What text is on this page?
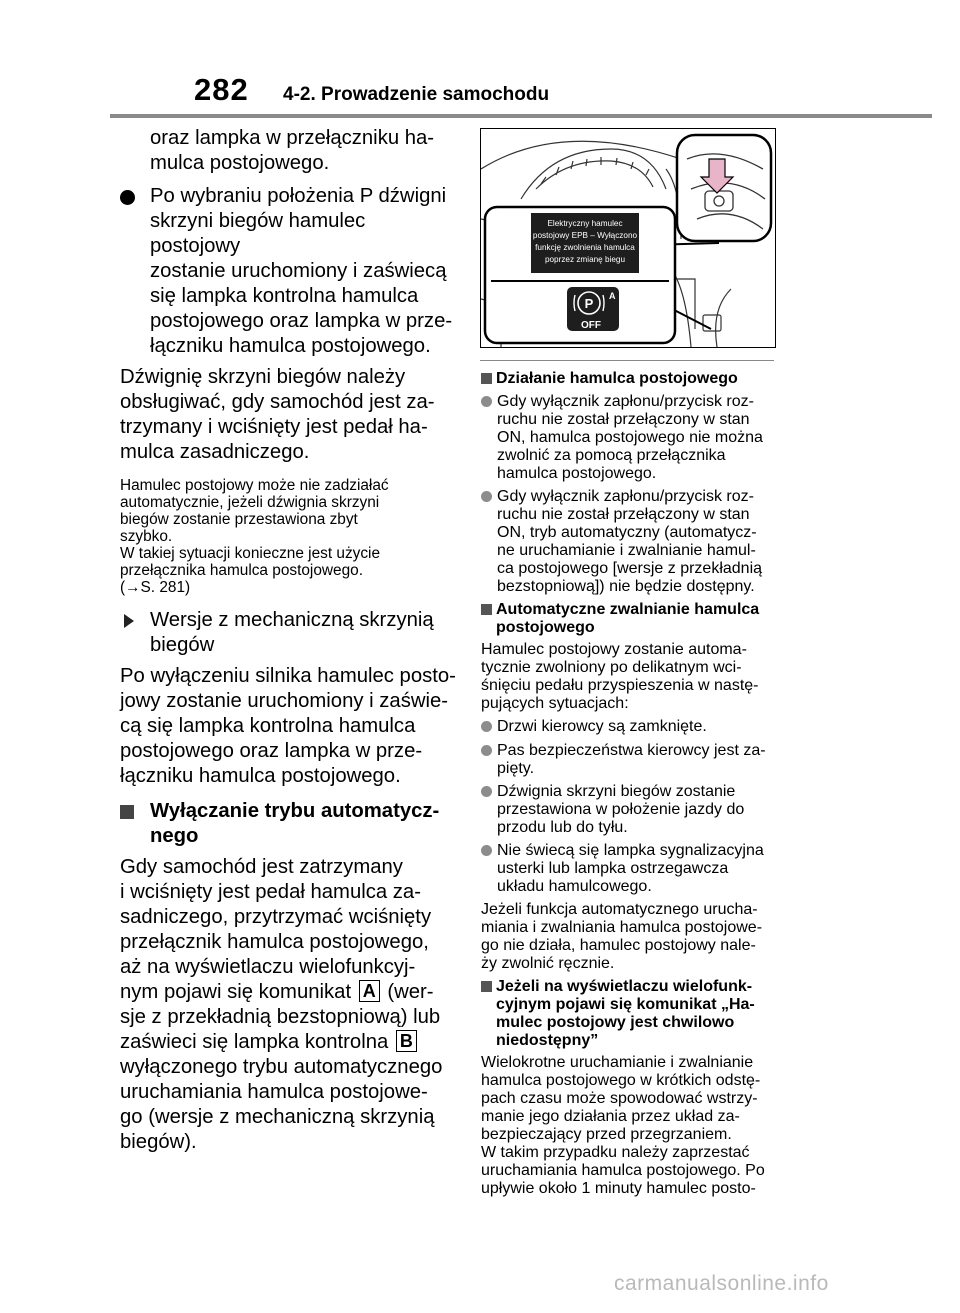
282 4-2. Prowadzenie samochodu
oraz lampka w przełączniku ha-
mulca postojowego.
Po wybraniu położenia P dźwigni
skrzyni biegów hamulec postojowy
zostanie uruchomiony i zaświecą
się lampka kontrolna hamulca
postojowego oraz lampka w prze-
łączniku hamulca postojowego.
Dźwignię skrzyni biegów należy
obsługiwać, gdy samochód jest za-
trzymany i wciśnięty jest pedał ha-
mulca zasadniczego.
Hamulec postojowy może nie zadziałać
automatycznie, jeżeli dźwignia skrzyni
biegów zostanie przestawiona zbyt
szybko.
W takiej sytuacji konieczne jest użycie
przełącznika hamulca postojowego.
(→S. 281)
Wersje z mechaniczną skrzynią
biegów
Po wyłączeniu silnika hamulec posto-
jowy zostanie uruchomiony i zaświe-
cą się lampka kontrolna hamulca
postojowego oraz lampka w prze-
łączniku hamulca postojowego.
Wyłączanie trybu automatycz-
nego
Gdy samochód jest zatrzymany
i wciśnięty jest pedał hamulca za-
sadniczego, przytrzymać wciśnięty
przełącznik hamulca postojowego,
aż na wyświetlaczu wielofunkcyj-
nym pojawi się komunikat A (wer-
sje z przekładnią bezstopniową) lub
zaświeci się lampka kontrolna B
wyłączonego trybu automatycznego
uruchamiania hamulca postojowe-
go (wersje z mechaniczną skrzynią
biegów).
Elektryczny hamulec
postojowy EPB – Wyłączono
funkcję zwolnienia hamulca
poprzez zmianę biegu
P A
OFF
Działanie hamulca postojowego
Gdy wyłącznik zapłonu/przycisk roz-
ruchu nie został przełączony w stan
ON, hamulca postojowego nie można
zwolnić za pomocą przełącznika
hamulca postojowego.
Gdy wyłącznik zapłonu/przycisk roz-
ruchu nie został przełączony w stan
ON, tryb automatyczny (automatycz-
ne uruchamianie i zwalnianie hamul-
ca postojowego [wersje z przekładnią
bezstopniową]) nie będzie dostępny.
Automatyczne zwalnianie hamulca
postojowego
Hamulec postojowy zostanie automa-
tycznie zwolniony po delikatnym wci-
śnięciu pedału przyspieszenia w nastę-
pujących sytuacjach:
Drzwi kierowcy są zamknięte.
Pas bezpieczeństwa kierowcy jest za-
pięty.
Dźwignia skrzyni biegów zostanie
przestawiona w położenie jazdy do
przodu lub do tyłu.
Nie świecą się lampka sygnalizacyjna
usterki lub lampka ostrzegawcza
układu hamulcowego.
Jeżeli funkcja automatycznego urucha-
miania i zwalniania hamulca postojowe-
go nie działa, hamulec postojowy nale-
ży zwolnić ręcznie.
Jeżeli na wyświetlaczu wielofunk-
cyjnym pojawi się komunikat „Ha-
mulec postojowy jest chwilowo
niedostępny”
Wielokrotne uruchamianie i zwalnianie
hamulca postojowego w krótkich odstę-
pach czasu może spowodować wstrzy-
manie jego działania przez układ za-
bezpieczający przed przegrzaniem.
W takim przypadku należy zaprzestać
uruchamiania hamulca postojowego. Po
upływie około 1 minuty hamulec posto-
carmanualsonline.info
